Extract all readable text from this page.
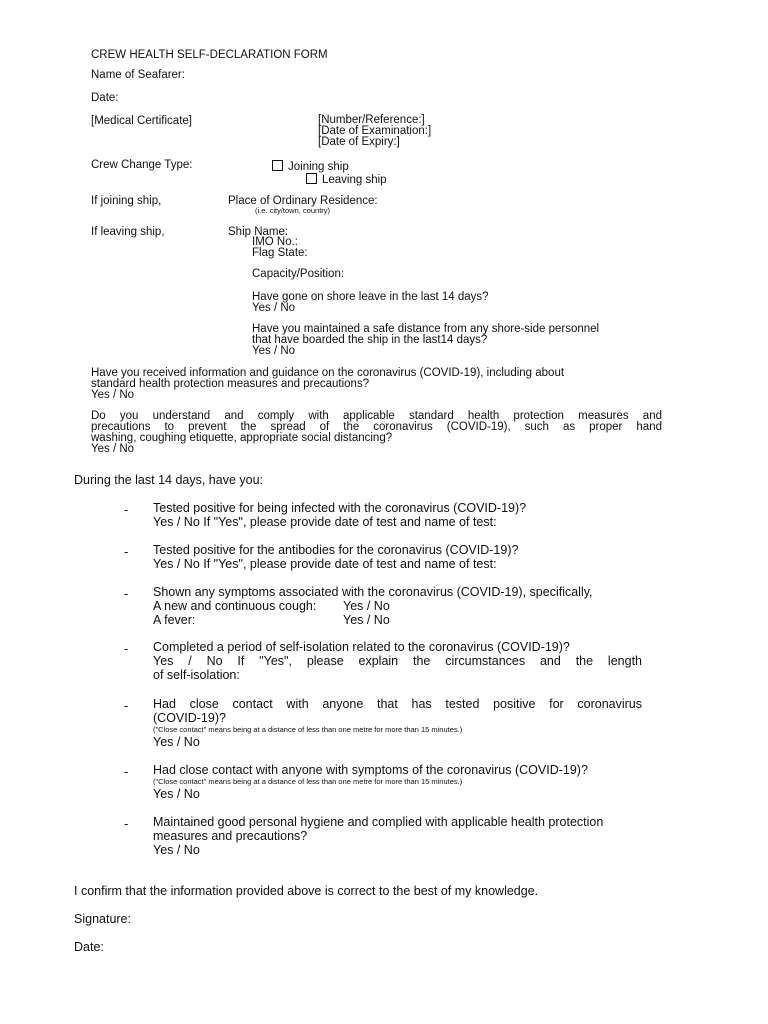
CREW HEALTH SELF-DECLARATION FORM
Name of Seafarer:
Date:
[Medical Certificate]	[Number/Reference:]
[Date of Examination:]
[Date of Expiry:]
Crew Change Type:	Joining ship
Leaving ship
If joining ship,	Place of Ordinary Residence:
(i.e. city/town, country)
If leaving ship,	Ship Name:
IMO No.:
Flag State:
Capacity/Position:
Have gone on shore leave in the last 14 days?
Yes / No
Have you maintained a safe distance from any shore-side personnel
that have boarded the ship in the last14 days?
Yes / No
Have you received information and guidance on the coronavirus (COVID-19), including about
standard health protection measures and precautions?
Yes / No
Do you understand and comply with applicable standard health protection measures and
precautions to prevent the spread of the coronavirus (COVID-19), such as proper hand
washing, coughing etiquette, appropriate social distancing?
Yes / No
During the last 14 days, have you:
- Tested positive for being infected with the coronavirus (COVID-19)?
Yes / No If "Yes", please provide date of test and name of test:
- Tested positive for the antibodies for the coronavirus (COVID-19)?
Yes / No If "Yes", please provide date of test and name of test:
- Shown any symptoms associated with the coronavirus (COVID-19), specifically,
A new and continuous cough: Yes / No
A fever:	Yes / No
- Completed a period of self-isolation related to the coronavirus (COVID-19)?
Yes / No If "Yes", please explain the circumstances and the length
of self-isolation:
- Had close contact with anyone that has tested positive for coronavirus
(COVID-19)?
("Close contact" means being at a distance of less than one metre for more than 15 minutes.)
Yes / No
- Had close contact with anyone with symptoms of the coronavirus (COVID-19)?
("Close contact" means being at a distance of less than one metre for more than 15 minutes.)
Yes / No
- Maintained good personal hygiene and complied with applicable health protection
measures and precautions?
Yes / No
I confirm that the information provided above is correct to the best of my knowledge.
Signature:
Date:
